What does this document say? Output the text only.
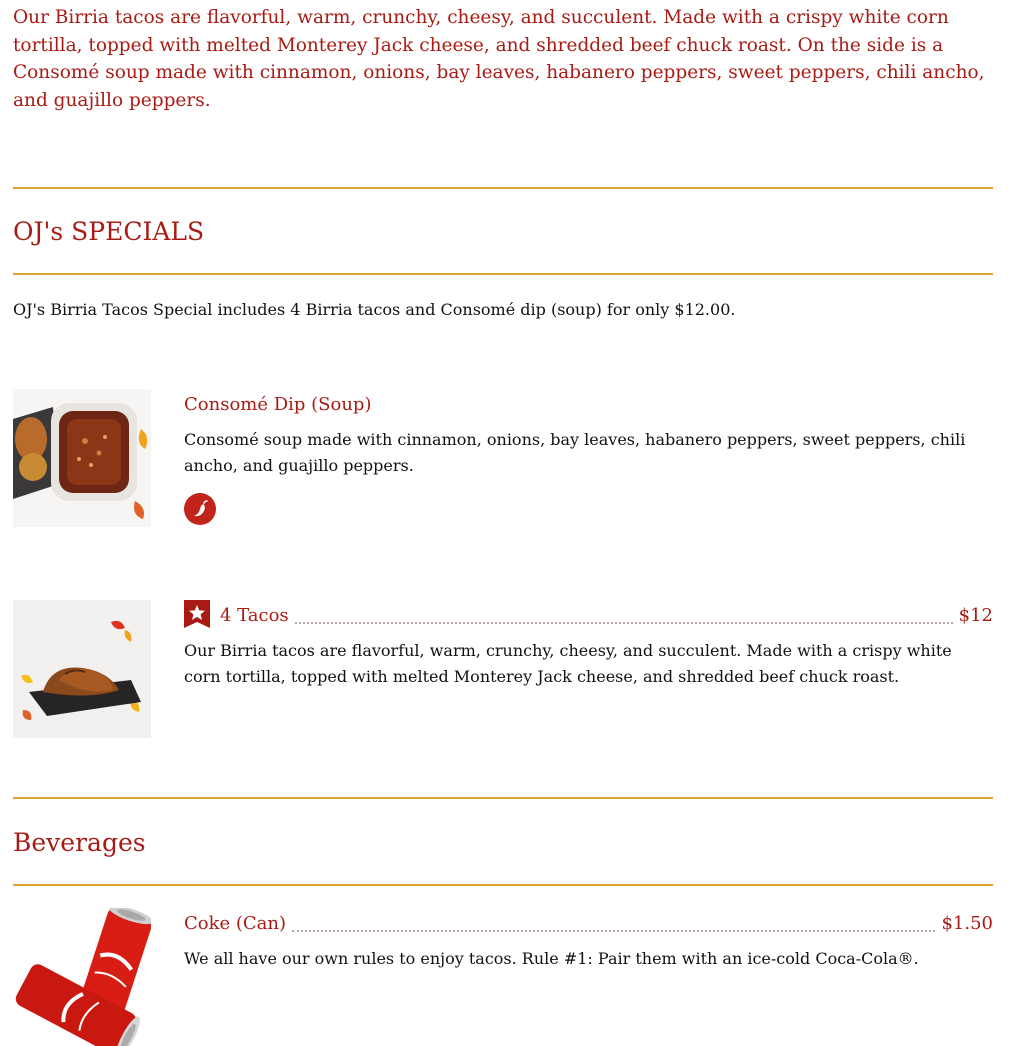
Our Birria tacos are flavorful, warm, crunchy, cheesy, and succulent. Made with a crispy white corn tortilla, topped with melted Monterey Jack cheese, and shredded beef chuck roast. On the side is a Consomé soup made with cinnamon, onions, bay leaves, habanero peppers, sweet peppers, chili ancho, and guajillo peppers.

OJ's SPECIALS
OJ's Birria Tacos Special includes 4 Birria tacos and Consomé dip (soup) for only $12.00.
Consomé Dip (Soup)
Consomé soup made with cinnamon, onions, bay leaves, habanero peppers, sweet peppers, chili ancho, and guajillo peppers.
4 Tacos	$12
Our Birria tacos are flavorful, warm, crunchy, cheesy, and succulent. Made with a crispy white corn tortilla, topped with melted Monterey Jack cheese, and shredded beef chuck roast.
Beverages
Coke (Can)	$1.50
We all have our own rules to enjoy tacos. Rule #1: Pair them with an ice-cold Coca-Cola®.
